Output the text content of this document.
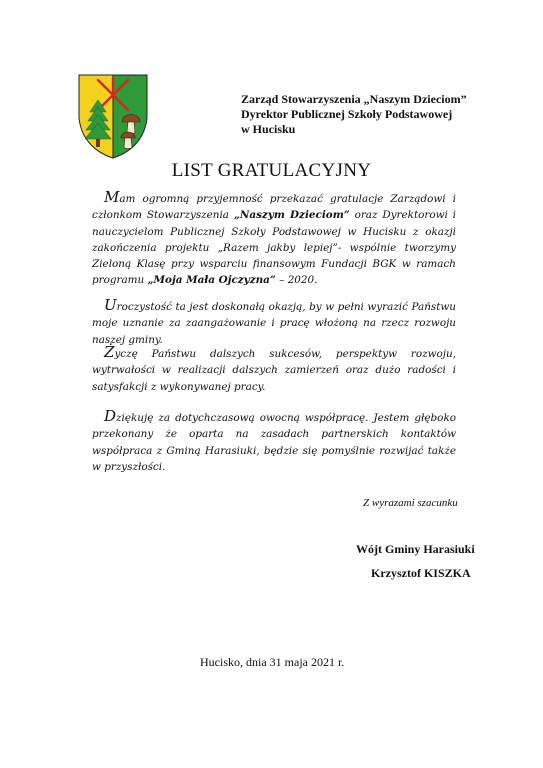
Zarząd Stowarzyszenia „Naszym Dzieciom”
Dyrektor Publicznej Szkoły Podstawowej
w Hucisku
LIST GRATULACYJNY

Mam ogromną przyjemność przekazać gratulacje Zarządowi i członkom Stowarzyszenia „Naszym Dzieciom” oraz Dyrektorowi i nauczycielom Publicznej Szkoły Podstawowej w Hucisku z okazji zakończenia projektu „Razem jakby lepiej”- wspólnie tworzymy Zieloną Klasę przy wsparciu finansowym Fundacji BGK w ramach programu „Moja Mała Ojczyzna” – 2020.

Uroczystość ta jest doskonałą okazją, by w pełni wyrazić Państwu moje uznanie za zaangażowanie i pracę włożoną na rzecz rozwoju naszej gminy.

Życzę Państwu dalszych sukcesów, perspektyw rozwoju, wytrwałości w realizacji dalszych zamierzeń oraz dużo radości i satysfakcji z wykonywanej pracy.

Dziękuję za dotychczasową owocną współpracę. Jestem głęboko przekonany że oparta na zasadach partnerskich kontaktów współpraca z Gminą Harasiuki, będzie się pomyślnie rozwijać także w przyszłości.

Z wyrazami szacunku
Wójt Gminy Harasiuki
Krzysztof KISZKA
Hucisko, dnia 31 maja 2021 r.
